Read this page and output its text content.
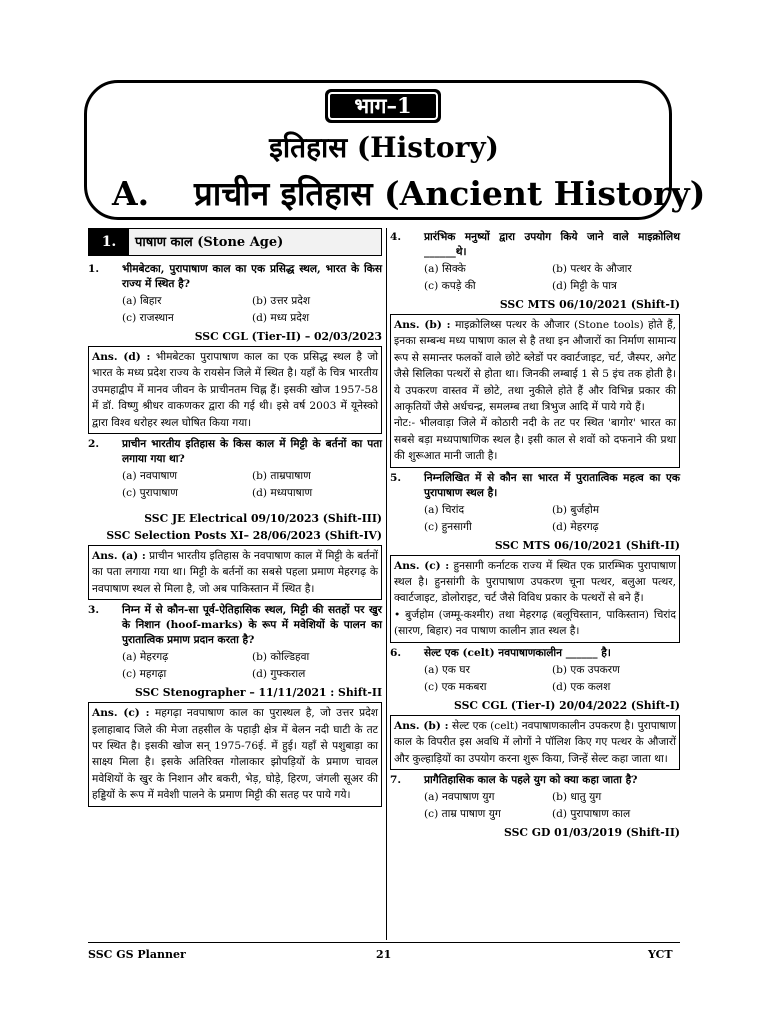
भाग–1
इतिहास (History)
A. प्राचीन इतिहास (Ancient History)
1.	पाषाण काल (Stone Age)
1.	भीमबेटका, पुरापाषाण काल का एक प्रसिद्ध स्थल, भारत के किस राज्य में स्थित है?
(a) बिहार	(b) उत्तर प्रदेश
(c) राजस्थान	(d) मध्य प्रदेश
SSC CGL (Tier-II) – 02/03/2023
Ans. (d) : भीमबेटका पुरापाषाण काल का एक प्रसिद्ध स्थल है जो भारत के मध्य प्रदेश राज्य के रायसेन जिले में स्थित है। यहाँ के चित्र भारतीय उपमहाद्वीप में मानव जीवन के प्राचीनतम चिह्न हैं। इसकी खोज 1957-58 में डॉ. विष्णु श्रीधर वाकणकर द्वारा की गई थी। इसे वर्ष 2003 में यूनेस्को द्वारा विश्व धरोहर स्थल घोषित किया गया।
2.	प्राचीन भारतीय इतिहास के किस काल में मिट्टी के बर्तनों का पता लगाया गया था?
(a) नवपाषाण	(b) ताम्रपाषाण
(c) पुरापाषाण	(d) मध्यपाषाण
SSC JE Electrical 09/10/2023 (Shift-III)
SSC Selection Posts XI– 28/06/2023 (Shift-IV)
Ans. (a) : प्राचीन भारतीय इतिहास के नवपाषाण काल में मिट्टी के बर्तनों का पता लगाया गया था। मिट्टी के बर्तनों का सबसे पहला प्रमाण मेहरगढ़ के नवपाषाण स्थल से मिला है, जो अब पाकिस्तान में स्थित है।
3.	निम्न में से कौन-सा पूर्व-ऐतिहासिक स्थल, मिट्टी की सतहों पर खुर के निशान (hoof-marks) के रूप में मवेशियों के पालन का पुरातात्विक प्रमाण प्रदान करता है?
(a) मेहरगढ़	(b) कोल्डिहवा
(c) महगढ़ा	(d) गुफ्कराल
SSC Stenographer – 11/11/2021 : Shift-II
Ans. (c) : महगढ़ा नवपाषाण काल का पुरास्थल है, जो उत्तर प्रदेश इलाहाबाद जिले की मेजा तहसील के पहाड़ी क्षेत्र में बेलन नदी घाटी के तट पर स्थित है। इसकी खोज सन् 1975-76ई. में हुई। यहाँ से पशुबाड़ा का साक्ष्य मिला है। इसके अतिरिक्त गोलाकार झोपड़ियों के प्रमाण चावल मवेशियों के खुर के निशान और बकरी, भेड़, घोड़े, हिरण, जंगली सूअर की हड्डियों के रूप में मवेशी पालने के प्रमाण मिट्टी की सतह पर पाये गये।
4.	प्रारंभिक मनुष्यों द्वारा उपयोग किये जाने वाले माइक्रोलिथ ______थे।
(a) सिक्के	(b) पत्थर के औजार
(c) कपड़े की	(d) मिट्टी के पात्र
SSC MTS 06/10/2021 (Shift-I)
Ans. (b) : माइक्रोलिथ्स पत्थर के औजार (Stone tools) होते हैं, इनका सम्बन्ध मध्य पाषाण काल से है तथा इन औजारों का निर्माण सामान्य रूप से समान्तर फलकों वाले छोटे ब्लेडों पर क्वार्टजाइट, चर्ट, जैस्पर, अगेट जैसे सिलिका पत्थरों से होता था। जिनकी लम्बाई 1 से 5 इंच तक होती है। ये उपकरण वास्तव में छोटे, तथा नुकीले होते हैं और विभिन्न प्रकार की आकृतियों जैसे अर्धचन्द्र, समलम्ब तथा त्रिभुज आदि में पाये गये हैं।
नोट:- भीलवाड़ा जिले में कोठारी नदी के तट पर स्थित 'बागोर' भारत का सबसे बड़ा मध्यपाषाणिक स्थल है। इसी काल से शवों को दफनाने की प्रथा की शुरूआत मानी जाती है।
5.	निम्नलिखित में से कौन सा भारत में पुरातात्विक महत्व का एक पुरापाषाण स्थल है।
(a) चिरांद	(b) बुर्जहोम
(c) हुनसागी	(d) मेहरगढ़
SSC MTS 06/10/2021 (Shift-II)
Ans. (c) : हुनसागी कर्नाटक राज्य में स्थित एक प्रारम्भिक पुरापाषाण स्थल है। हुनसांगी के पुरापाषाण उपकरण चूना पत्थर, बलुआ पत्थर, क्वार्टजाइट, डोलोराइट, चर्ट जैसे विविध प्रकार के पत्थरों से बने हैं।
• बुर्जहोम (जम्मू-कश्मीर) तथा मेहरगढ़ (बलूचिस्तान, पाकिस्तान) चिरांद (सारण, बिहार) नव पाषाण कालीन ज्ञात स्थल है।
6.	सेल्ट एक (celt) नवपाषाणकालीन ______ है।
(a) एक घर	(b) एक उपकरण
(c) एक मकबरा	(d) एक कलश
SSC CGL (Tier-I) 20/04/2022 (Shift-I)
Ans. (b) : सेल्ट एक (celt) नवपाषाणकालीन उपकरण है। पुरापाषाण काल के विपरीत इस अवधि में लोगों ने पॉलिश किए गए पत्थर के औजारों और कुल्हाड़ियों का उपयोग करना शुरू किया, जिन्हें सेल्ट कहा जाता था।
7.	प्रागैतिहासिक काल के पहले युग को क्या कहा जाता है?
(a) नवपाषाण युग	(b) धातु युग
(c) ताम्र पाषाण युग	(d) पुरापाषाण काल
SSC GD 01/03/2019 (Shift-II)
SSC GS Planner	21	YCT
